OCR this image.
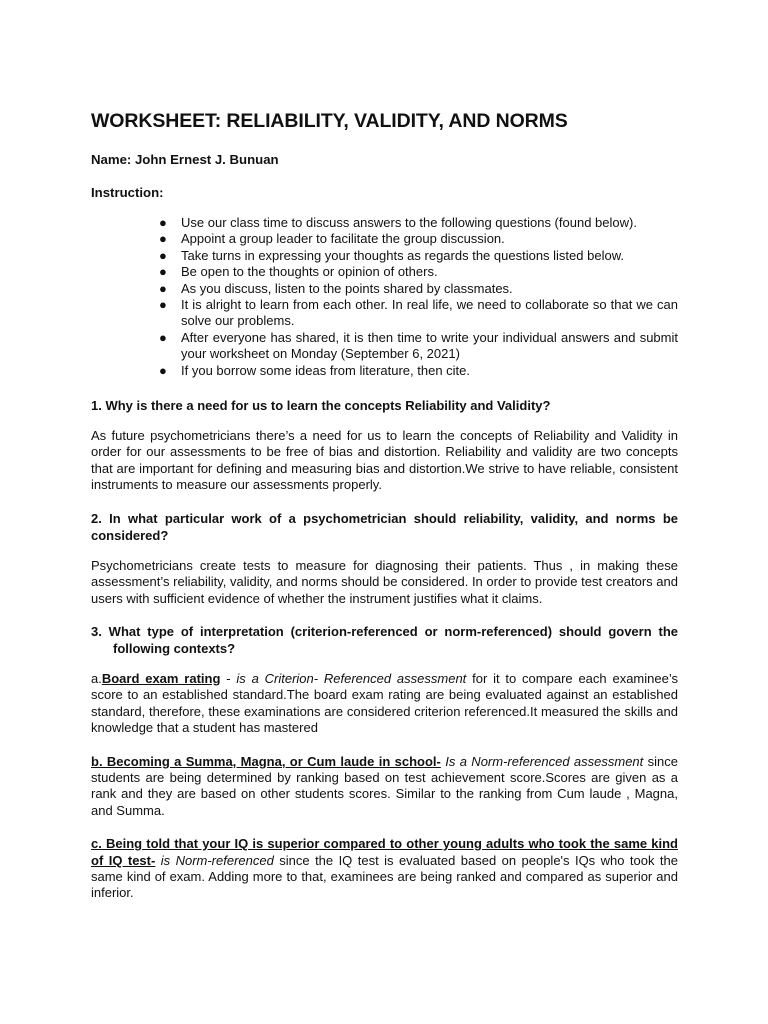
WORKSHEET: RELIABILITY, VALIDITY, AND NORMS
Name: John Ernest J. Bunuan
Instruction:
● Use our class time to discuss answers to the following questions (found below).
● Appoint a group leader to facilitate the group discussion.
● Take turns in expressing your thoughts as regards the questions listed below.
● Be open to the thoughts or opinion of others.
● As you discuss, listen to the points shared by classmates.
● It is alright to learn from each other. In real life, we need to collaborate so that we can solve our problems.
● After everyone has shared, it is then time to write your individual answers and submit your worksheet on Monday (September 6, 2021)
● If you borrow some ideas from literature, then cite.
1. Why is there a need for us to learn the concepts Reliability and Validity?
As future psychometricians there’s a need for us to learn the concepts of Reliability and Validity in order for our assessments to be free of bias and distortion. Reliability and validity are two concepts that are important for defining and measuring bias and distortion.We strive to have reliable, consistent instruments to measure our assessments properly.
2. In what particular work of a psychometrician should reliability, validity, and norms be considered?
Psychometricians create tests to measure for diagnosing their patients. Thus , in making these assessment’s reliability, validity, and norms should be considered. In order to provide test creators and users with sufficient evidence of whether the instrument justifies what it claims.
3. What type of interpretation (criterion-referenced or norm-referenced) should govern the following contexts?
a.Board exam rating - is a Criterion- Referenced assessment for it to compare each examinee’s score to an established standard.The board exam rating are being evaluated against an established standard, therefore, these examinations are considered criterion referenced.It measured the skills and knowledge that a student has mastered
b. Becoming a Summa, Magna, or Cum laude in school- Is a Norm-referenced assessment since students are being determined by ranking based on test achievement score.Scores are given as a rank and they are based on other students scores. Similar to the ranking from Cum laude , Magna, and Summa.
c. Being told that your IQ is superior compared to other young adults who took the same kind of IQ test- is Norm-referenced since the IQ test is evaluated based on people's IQs who took the same kind of exam. Adding more to that, examinees are being ranked and compared as superior and inferior.
